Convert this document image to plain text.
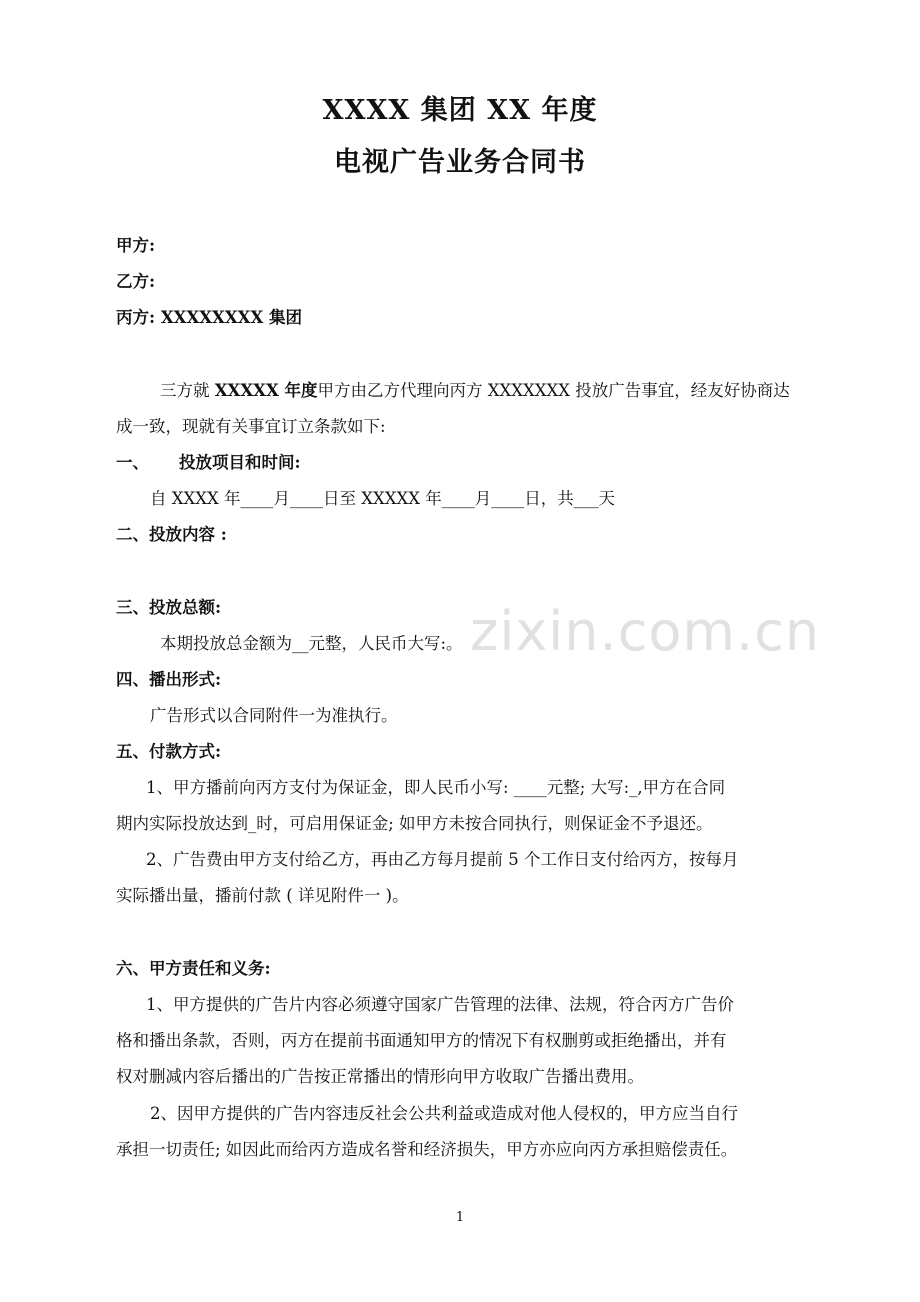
XXXX 集团 XX 年度
电视广告业务合同书
甲方:
乙方:
丙方: XXXXXXXX 集团
三方就 XXXXX 年度甲方由乙方代理向丙方 XXXXXXX 投放广告事宜，经友好协商达
成一致，现就有关事宜订立条款如下:
一、 投放项目和时间:
自 XXXX 年____月____日至 XXXXX 年____月____日，共___天
二、投放内容 :
三、投放总额:
本期投放总金额为__元整，人民币大写:。
四、播出形式:
广告形式以合同附件一为准执行。
五、付款方式:
1、甲方播前向丙方支付为保证金，即人民币小写: ____元整; 大写:_,甲方在合同
期内实际投放达到_时，可启用保证金; 如甲方未按合同执行，则保证金不予退还。
2、广告费由甲方支付给乙方，再由乙方每月提前 5 个工作日支付给丙方，按每月
实际播出量，播前付款 ( 详见附件一 )。
六、甲方责任和义务:
1、甲方提供的广告片内容必须遵守国家广告管理的法律、法规，符合丙方广告价
格和播出条款，否则，丙方在提前书面通知甲方的情况下有权删剪或拒绝播出，并有
权对删减内容后播出的广告按正常播出的情形向甲方收取广告播出费用。
2、因甲方提供的广告内容违反社会公共利益或造成对他人侵权的，甲方应当自行
承担一切责任; 如因此而给丙方造成名誉和经济损失，甲方亦应向丙方承担赔偿责任。
zixin.com.cn
1
